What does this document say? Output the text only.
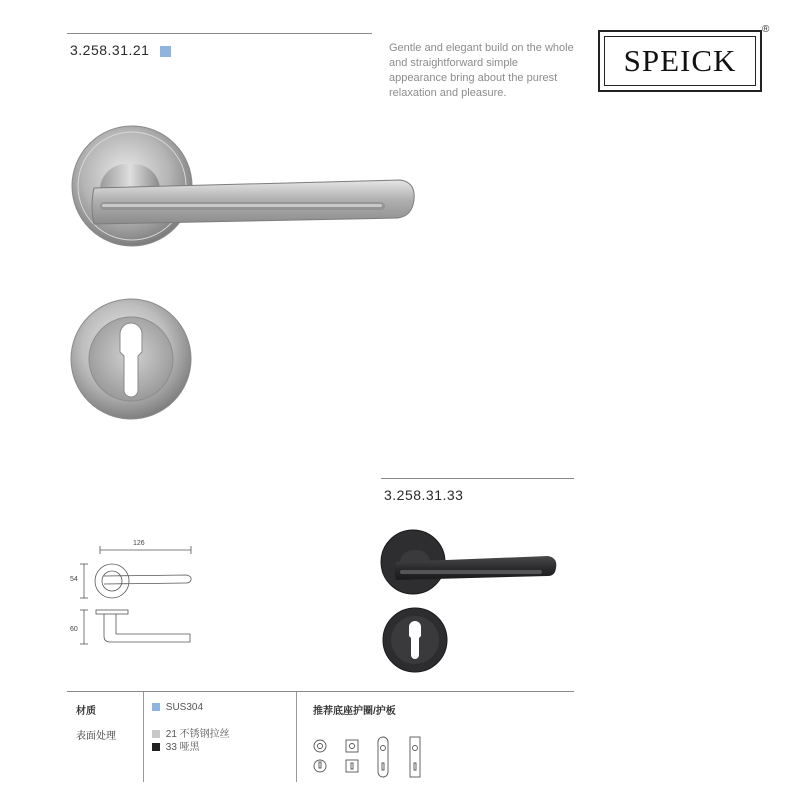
3.258.31.21	Gentle and elegant build on the whole and straightforward simple appearance bring about the purest relaxation and pleasure.
SPEICK
®
3.258.31.33
126
54
60
材质	SUS304
表面处理	21 不锈钢拉丝
33 哑黑
推荐底座护圈/护板
